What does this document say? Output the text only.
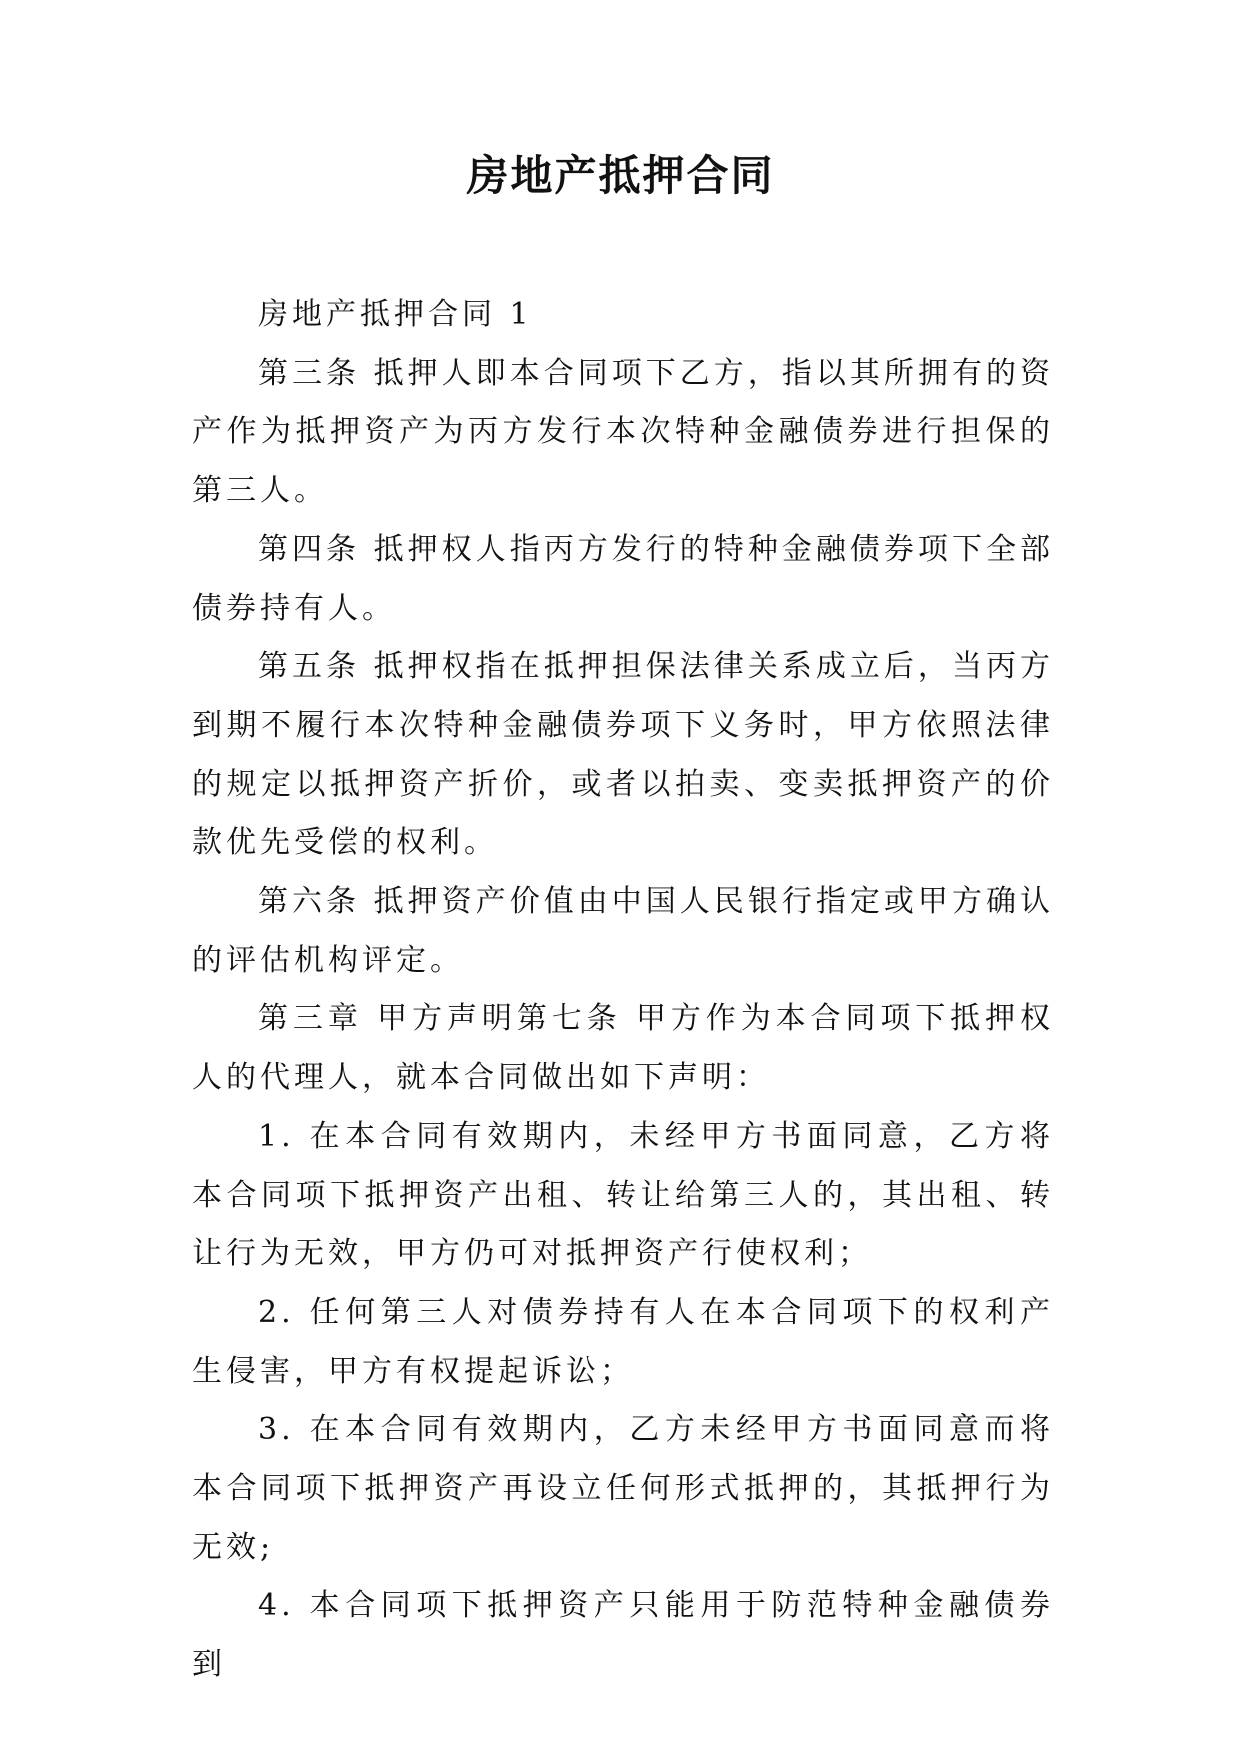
房地产抵押合同

房地产抵押合同 1

第三条 抵押人即本合同项下乙方，指以其所拥有的资产作为抵押资产为丙方发行本次特种金融债券进行担保的第三人。

第四条 抵押权人指丙方发行的特种金融债券项下全部债券持有人。

第五条 抵押权指在抵押担保法律关系成立后，当丙方到期不履行本次特种金融债券项下义务时，甲方依照法律的规定以抵押资产折价，或者以拍卖、变卖抵押资产的价款优先受偿的权利。

第六条 抵押资产价值由中国人民银行指定或甲方确认的评估机构评定。

第三章 甲方声明第七条 甲方作为本合同项下抵押权人的代理人，就本合同做出如下声明：

1. 在本合同有效期内，未经甲方书面同意，乙方将本合同项下抵押资产出租、转让给第三人的，其出租、转让行为无效，甲方仍可对抵押资产行使权利；

2. 任何第三人对债券持有人在本合同项下的权利产生侵害，甲方有权提起诉讼；

3. 在本合同有效期内，乙方未经甲方书面同意而将本合同项下抵押资产再设立任何形式抵押的，其抵押行为无效;

4. 本合同项下抵押资产只能用于防范特种金融债券到
